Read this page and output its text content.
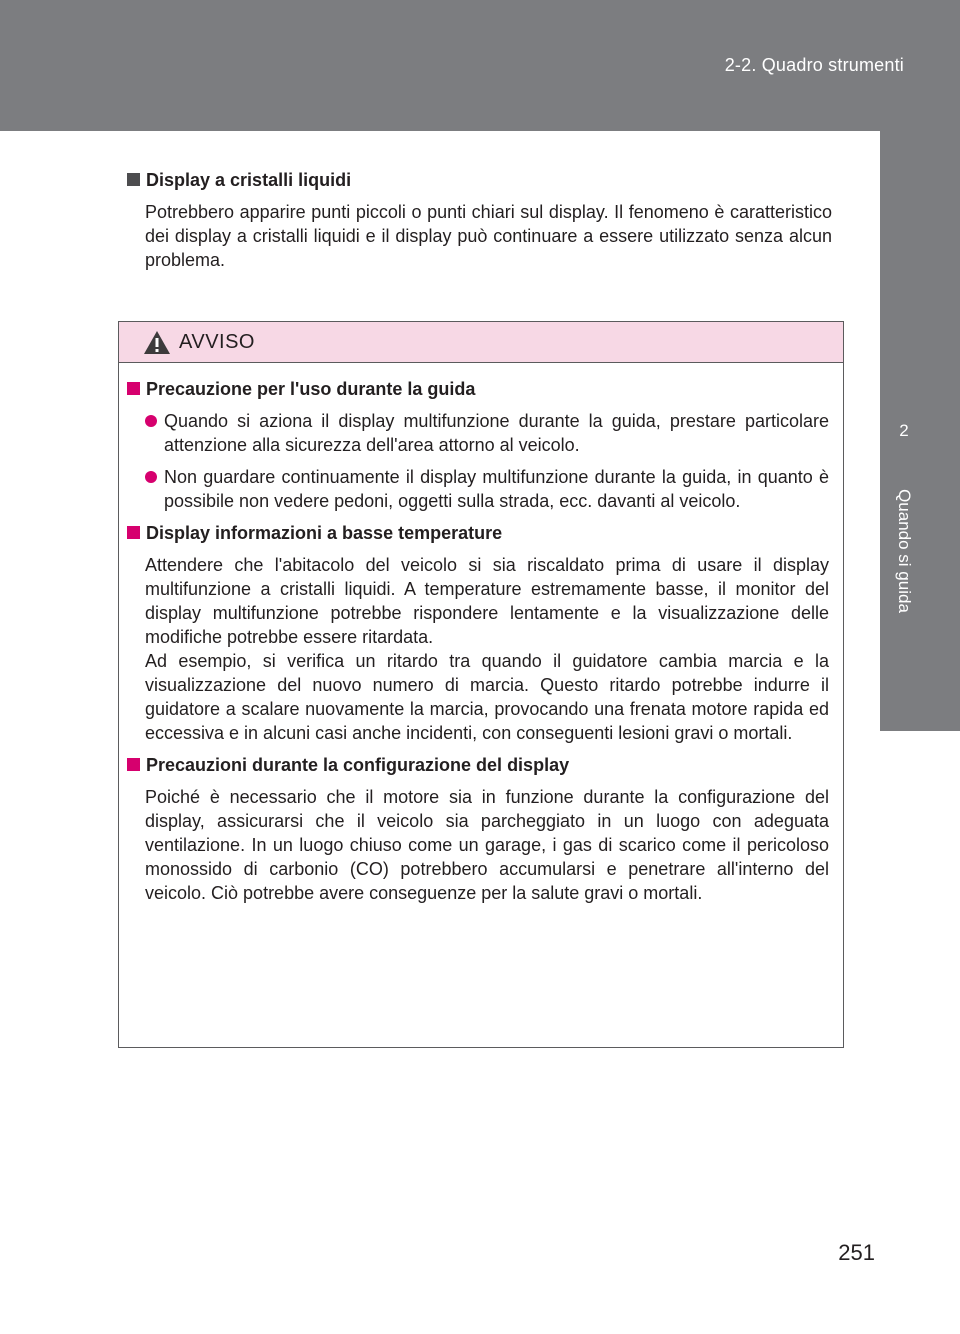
2-2. Quadro strumenti
2
Quando si guida
Display a cristalli liquidi
Potrebbero apparire punti piccoli o punti chiari sul display. Il fenomeno è caratteristico dei display a cristalli liquidi e il display può continuare a essere utilizzato senza alcun problema.
AVVISO
Precauzione per l'uso durante la guida
Quando si aziona il display multifunzione durante la guida, prestare particolare attenzione alla sicurezza dell'area attorno al veicolo.
Non guardare continuamente il display multifunzione durante la guida, in quanto è possibile non vedere pedoni, oggetti sulla strada, ecc. davanti al veicolo.
Display informazioni a basse temperature
Attendere che l'abitacolo del veicolo si sia riscaldato prima di usare il display multifunzione a cristalli liquidi. A temperature estremamente basse, il monitor del display multifunzione potrebbe rispondere lentamente e la visualizzazione delle modifiche potrebbe essere ritardata.
Ad esempio, si verifica un ritardo tra quando il guidatore cambia marcia e la visualizzazione del nuovo numero di marcia. Questo ritardo potrebbe indurre il guidatore a scalare nuovamente la marcia, provocando una frenata motore rapida ed eccessiva e in alcuni casi anche incidenti, con conseguenti lesioni gravi o mortali.
Precauzioni durante la configurazione del display
Poiché è necessario che il motore sia in funzione durante la configurazione del display, assicurarsi che il veicolo sia parcheggiato in un luogo con adeguata ventilazione. In un luogo chiuso come un garage, i gas di scarico come il pericoloso monossido di carbonio (CO) potrebbero accumularsi e penetrare all'interno del veicolo. Ciò potrebbe avere conseguenze per la salute gravi o mortali.
251
